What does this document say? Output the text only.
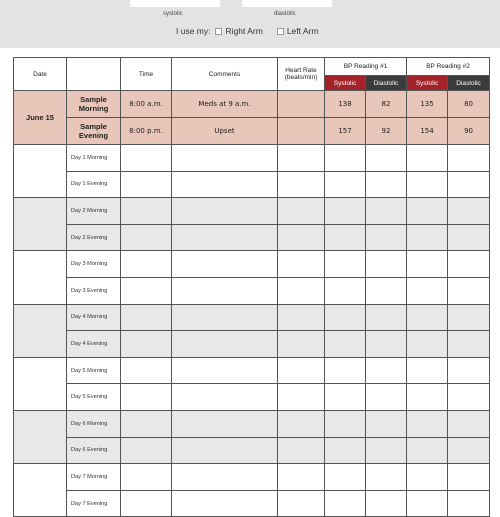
systolic	diastolic
I use my: Right Arm	Left Arm
Date		Time	Comments	Heart Rate
(beats/min)	BP Reading #1		BP Reading #2	
					Systolic	Diastolic	Systolic	Diastolic
June 15	Sample Morning	8:00 a.m.	Meds at 9 a.m.		138	82	135	80
	Sample Evening	8:00 p.m.	Upset		157	92	154	90
	Day 1 Morning							
	Day 1 Evening							
	Day 2 Morning							
	Day 2 Evening							
	Day 3 Morning							
	Day 3 Evening							
	Day 4 Morning							
	Day 4 Evening							
	Day 5 Morning							
	Day 5 Evening							
	Day 6 Morning							
	Day 6 Evening							
	Day 7 Morning							
	Day 7 Evening							
